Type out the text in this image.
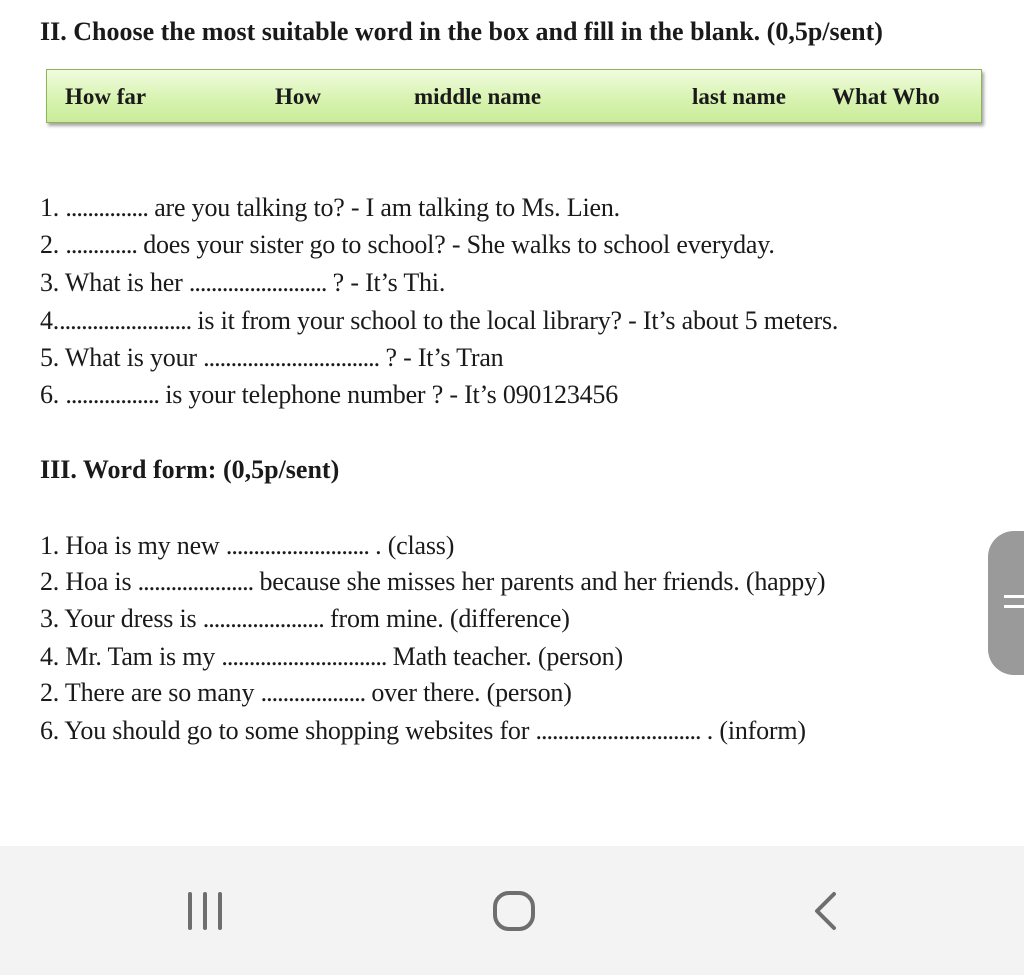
II. Choose the most suitable word in the box and fill in the blank. (0,5p/sent)
How far	How	middle name	last name What Who
1. ............... are you talking to? - I am talking to Ms. Lien.
2. ............. does your sister go to school? - She walks to school everyday.
3. What is her ......................... ? - It’s Thi.
4......................... is it from your school to the local library? - It’s about 5 meters.
5. What is your ................................ ? - It’s Tran
6. ................. is your telephone number ? - It’s 090123456
III. Word form: (0,5p/sent)
1. Hoa is my new .......................... . (class)
2. Hoa is ..................... because she misses her parents and her friends. (happy)
3. Your dress is ...................... from mine. (difference)
4. Mr. Tam is my .............................. Math teacher. (person)
2. There are so many ................... over there. (person)
6. You should go to some shopping websites for .............................. . (inform)
